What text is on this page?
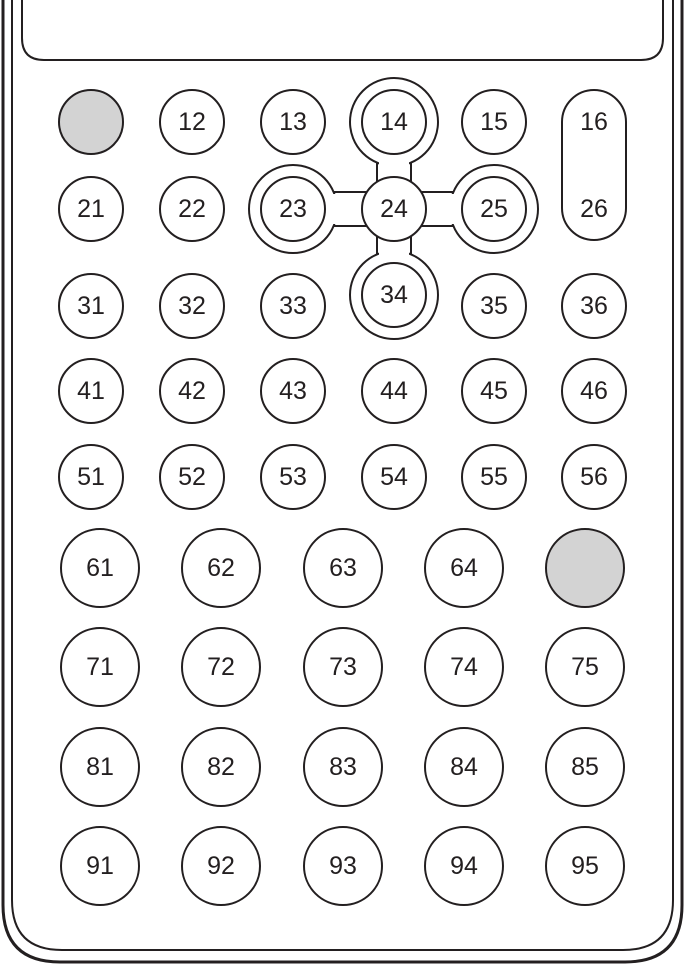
16
26
12	13	14	15
21	22	23	24	25
31	32	33	34	35	36
41	42	43	44	45	46
51	52	53	54	55	56
61	62	63	64
71	72	73	74	75
81	82	83	84	85
91	92	93	94	95
